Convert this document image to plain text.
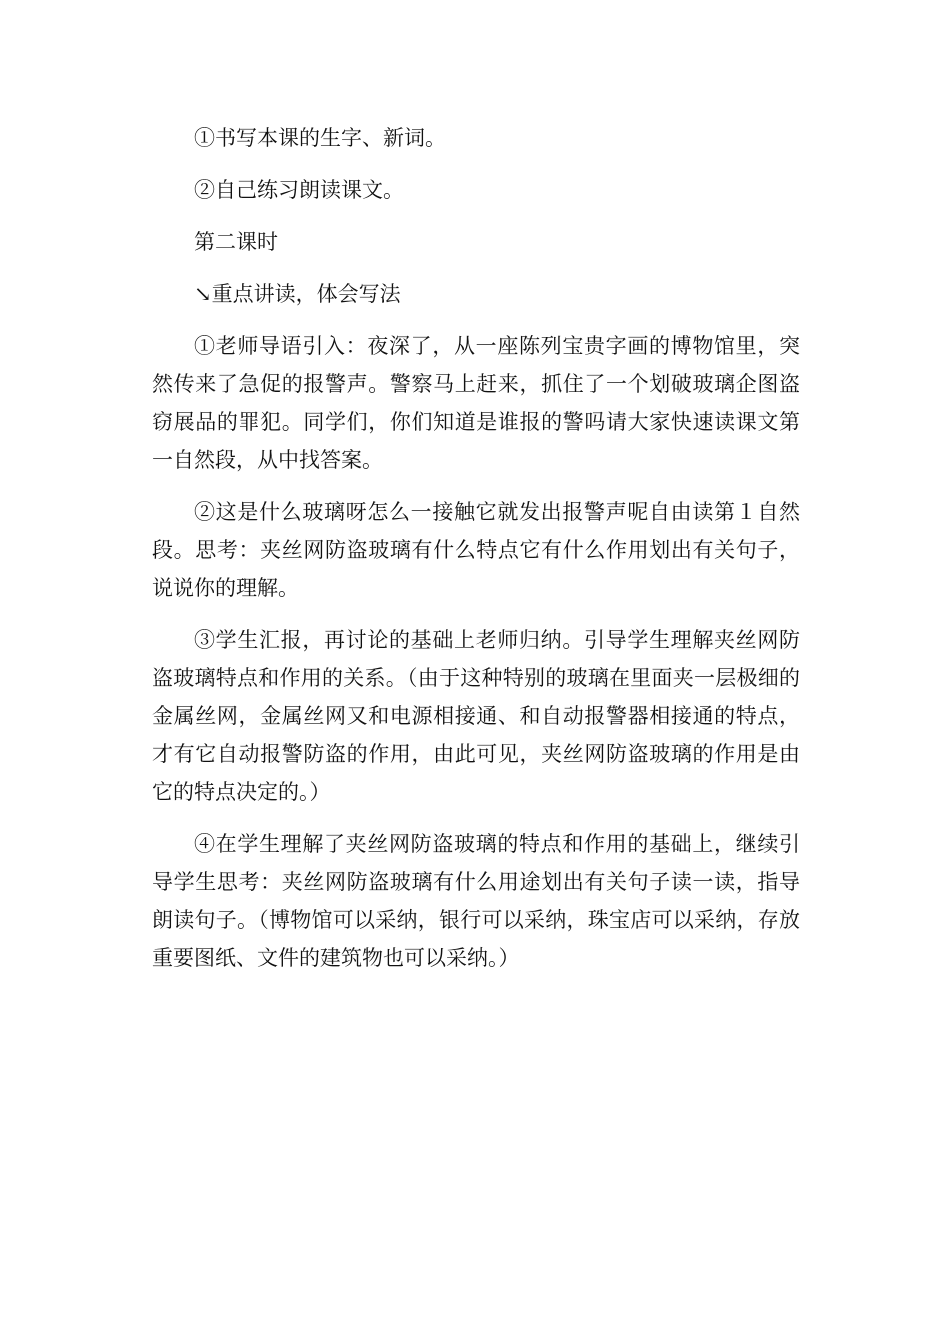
①书写本课的生字、新词。

②自己练习朗读课文。

第二课时

↘重点讲读，体会写法

①老师导语引入：夜深了，从一座陈列宝贵字画的博物馆里，突然传来了急促的报警声。警察马上赶来，抓住了一个划破玻璃企图盗窃展品的罪犯。同学们，你们知道是谁报的警吗请大家快速读课文第一自然段，从中找答案。

②这是什么玻璃呀怎么一接触它就发出报警声呢自由读第１自然段。思考：夹丝网防盗玻璃有什么特点它有什么作用划出有关句子，说说你的理解。

③学生汇报，再讨论的基础上老师归纳。引导学生理解夹丝网防盗玻璃特点和作用的关系。（由于这种特别的玻璃在里面夹一层极细的金属丝网，金属丝网又和电源相接通、和自动报警器相接通的特点，才有它自动报警防盗的作用，由此可见，夹丝网防盗玻璃的作用是由它的特点决定的。）

④在学生理解了夹丝网防盗玻璃的特点和作用的基础上，继续引导学生思考：夹丝网防盗玻璃有什么用途划出有关句子读一读，指导朗读句子。（博物馆可以采纳，银行可以采纳，珠宝店可以采纳，存放重要图纸、文件的建筑物也可以采纳。）
